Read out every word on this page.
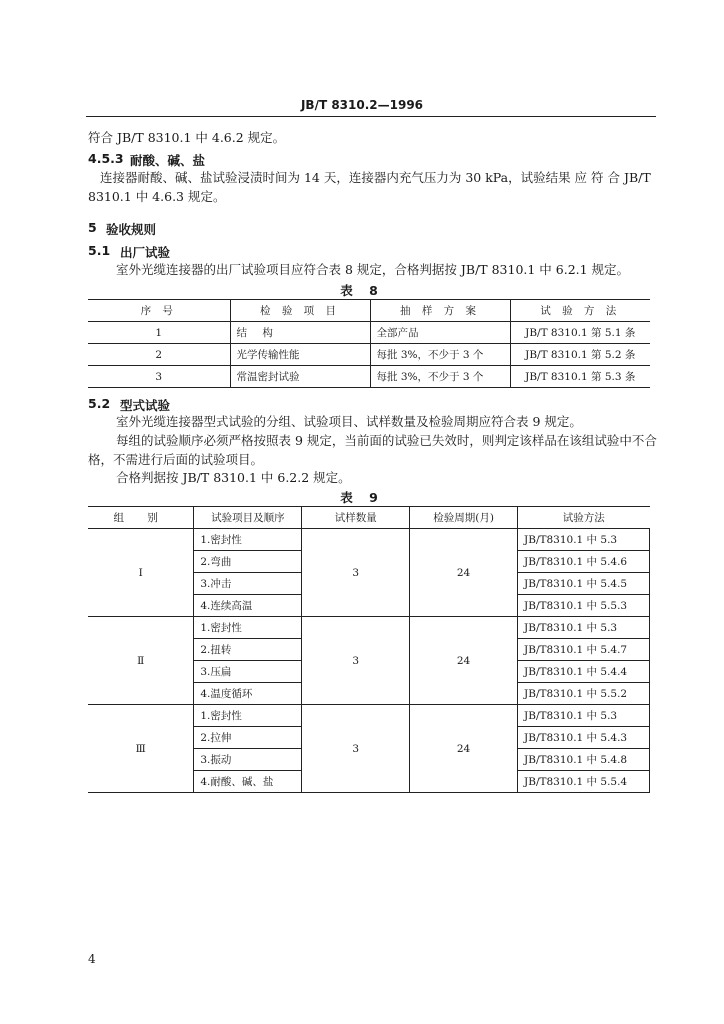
JB/T 8310.2—1996
符合 JB/T 8310.1 中 4.6.2 规定。
4.5.3 耐酸、碱、盐
连接器耐酸、碱、盐试验浸渍时间为 14 天，连接器内充气压力为 30 kPa，试验结果 应 符 合 JB/T
8310.1 中 4.6.3 规定。
5 验收规则
5.1 出厂试验
室外光缆连接器的出厂试验项目应符合表 8 规定，合格判据按 JB/T 8310.1 中 6.2.1 规定。
表 8
序 号	检 验 项 目	抽 样 方 案	试 验 方 法
1	结 构	全部产品	JB/T 8310.1 第 5.1 条
2	光学传输性能	每批 3%，不少于 3 个	JB/T 8310.1 第 5.2 条
3	常温密封试验	每批 3%，不少于 3 个	JB/T 8310.1 第 5.3 条
5.2 型式试验
室外光缆连接器型式试验的分组、试验项目、试样数量及检验周期应符合表 9 规定。
每组的试验顺序必须严格按照表 9 规定，当前面的试验已失效时，则判定该样品在该组试验中不合
格，不需进行后面的试验项目。
合格判据按 JB/T 8310.1 中 6.2.2 规定。
表 9
组 别	试验项目及顺序	试样数量	检验周期(月)	试验方法
Ⅰ	1.密封性	3	24	JB/T8310.1 中 5.3
	2.弯曲			JB/T8310.1 中 5.4.6
	3.冲击			JB/T8310.1 中 5.4.5
	4.连续高温			JB/T8310.1 中 5.5.3
Ⅱ	1.密封性	3	24	JB/T8310.1 中 5.3
	2.扭转			JB/T8310.1 中 5.4.7
	3.压扁			JB/T8310.1 中 5.4.4
	4.温度循环			JB/T8310.1 中 5.5.2
Ⅲ	1.密封性	3	24	JB/T8310.1 中 5.3
	2.拉伸			JB/T8310.1 中 5.4.3
	3.振动			JB/T8310.1 中 5.4.8
	4.耐酸、碱、盐			JB/T8310.1 中 5.5.4
4
